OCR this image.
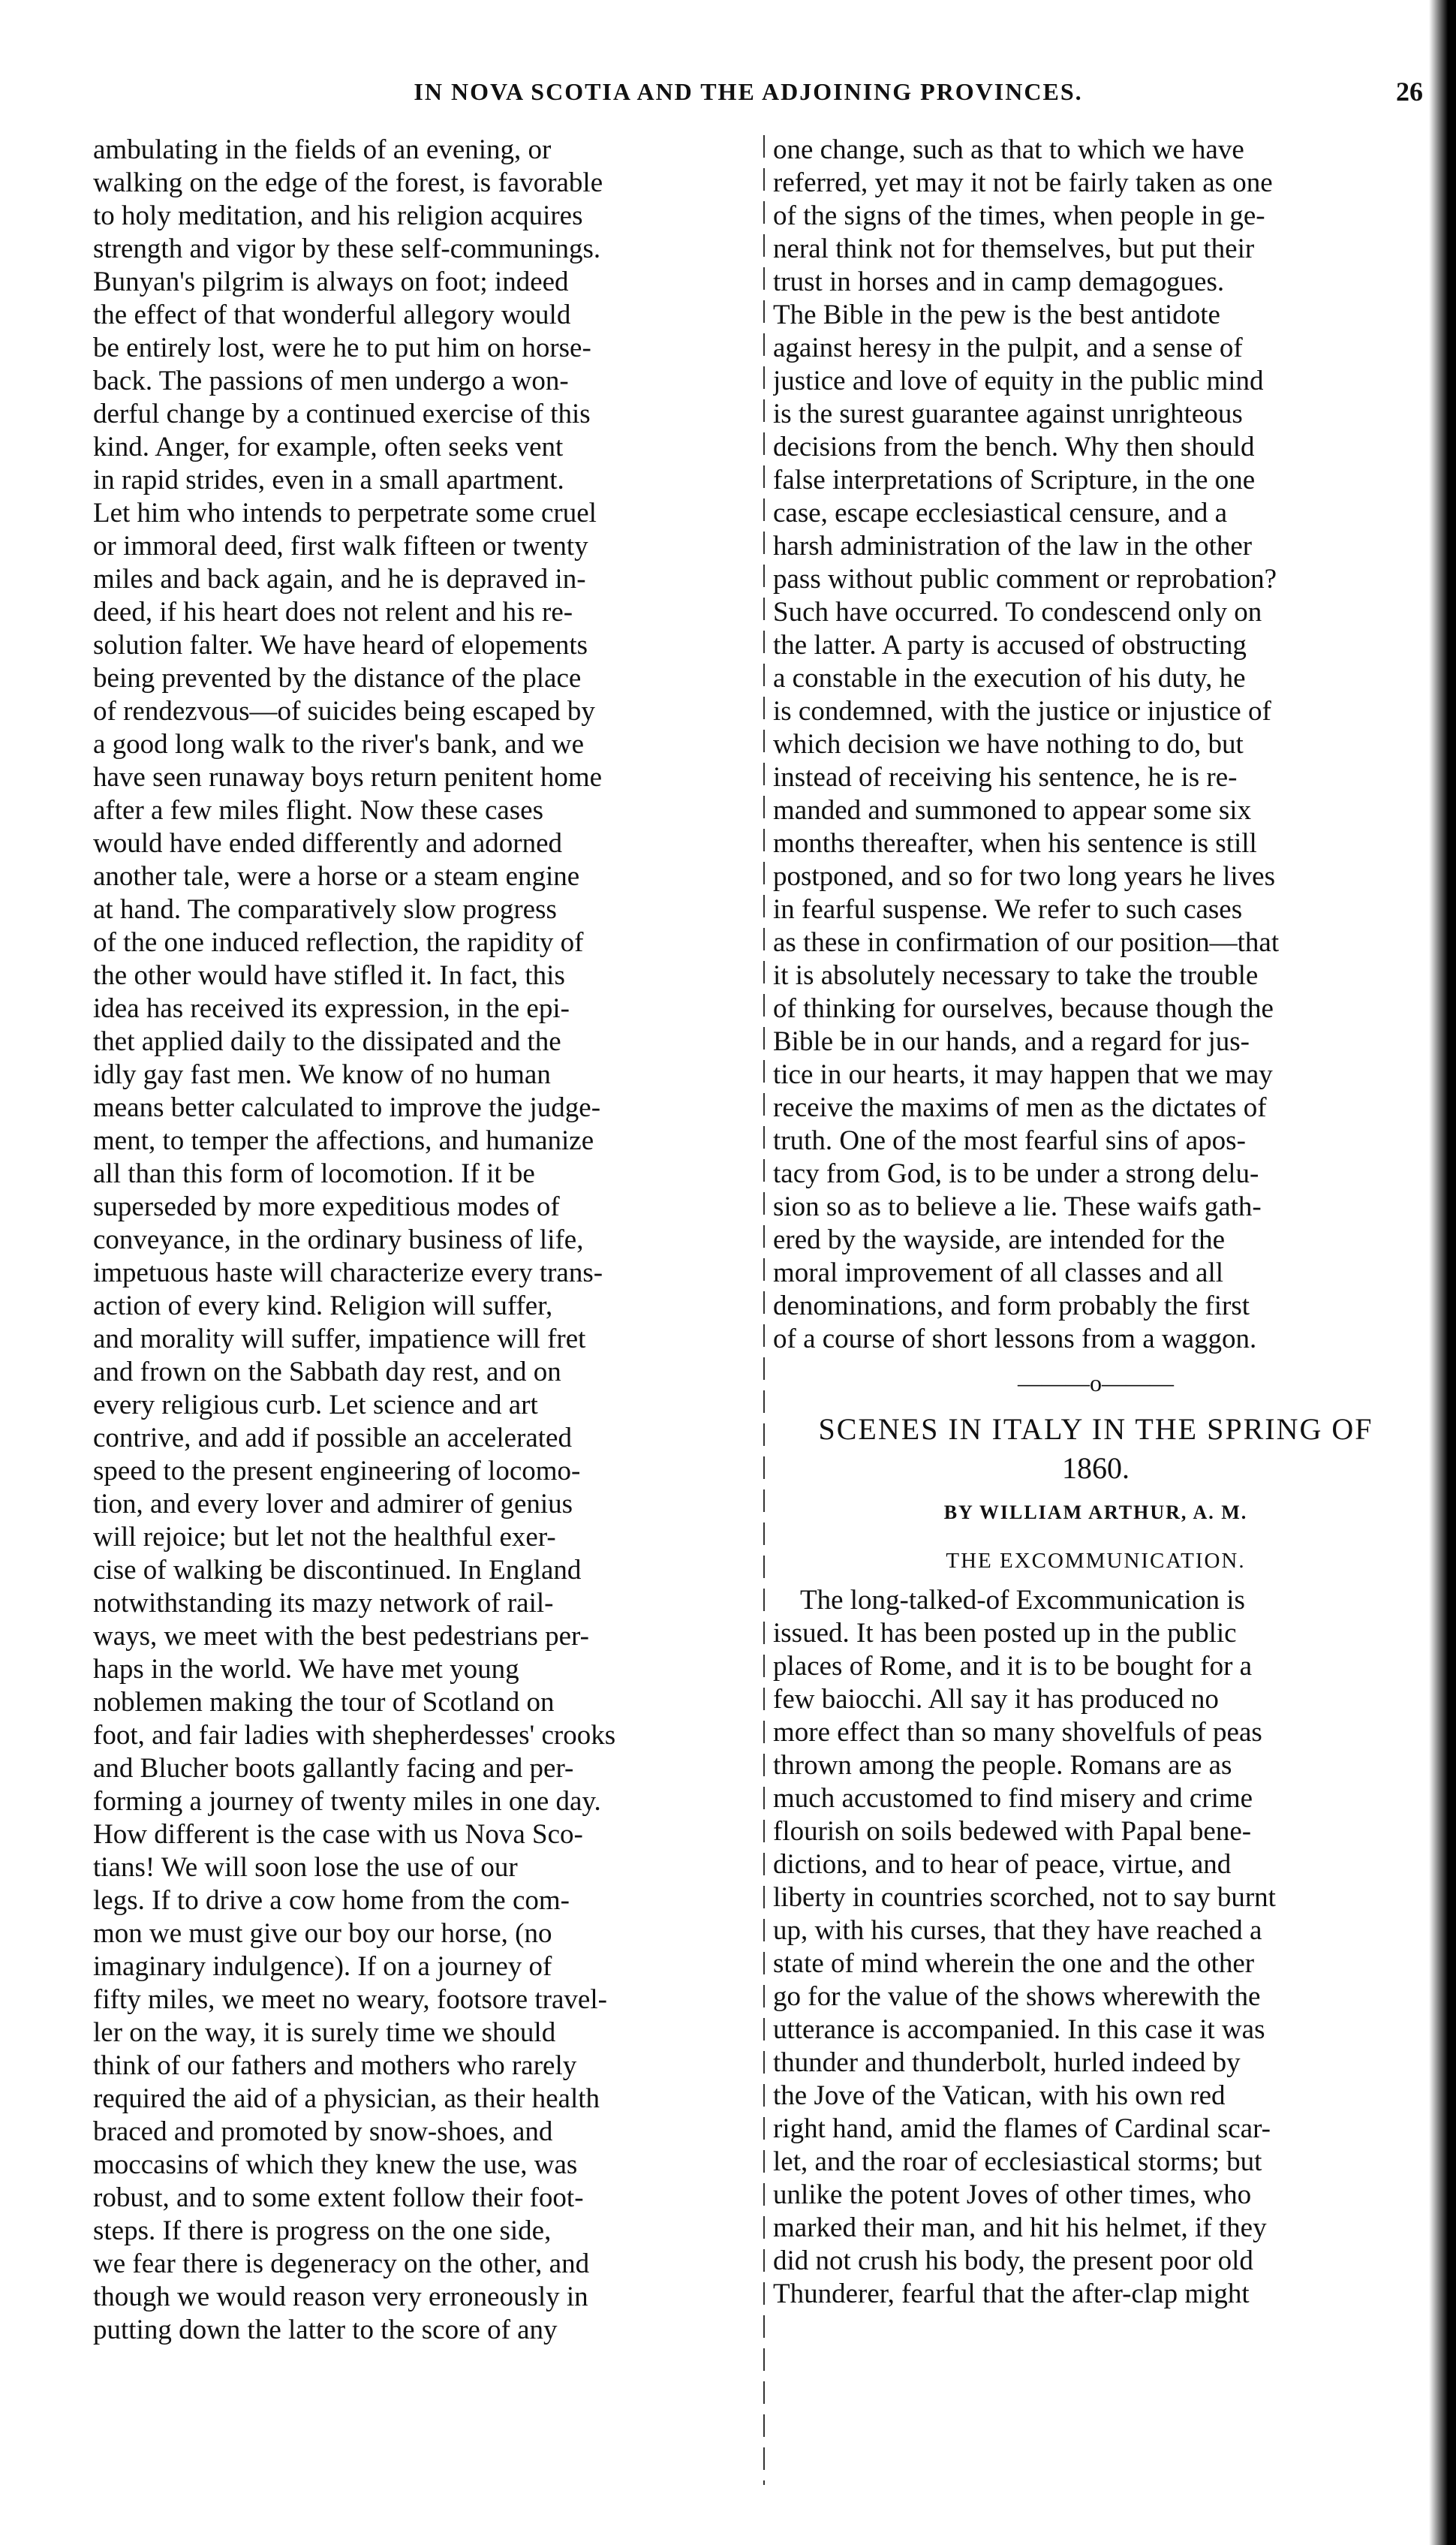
IN NOVA SCOTIA AND THE ADJOINING PROVINCES.	26
ambulating in the fields of an evening, or
walking on the edge of the forest, is favorable
to holy meditation, and his religion acquires
strength and vigor by these self-communings.
Bunyan's pilgrim is always on foot; indeed
the effect of that wonderful allegory would
be entirely lost, were he to put him on horse-
back. The passions of men undergo a won-
derful change by a continued exercise of this
kind. Anger, for example, often seeks vent
in rapid strides, even in a small apartment.
Let him who intends to perpetrate some cruel
or immoral deed, first walk fifteen or twenty
miles and back again, and he is depraved in-
deed, if his heart does not relent and his re-
solution falter. We have heard of elopements
being prevented by the distance of the place
of rendezvous—of suicides being escaped by
a good long walk to the river's bank, and we
have seen runaway boys return penitent home
after a few miles flight. Now these cases
would have ended differently and adorned
another tale, were a horse or a steam engine
at hand. The comparatively slow progress
of the one induced reflection, the rapidity of
the other would have stifled it. In fact, this
idea has received its expression, in the epi-
thet applied daily to the dissipated and the
idly gay fast men. We know of no human
means better calculated to improve the judge-
ment, to temper the affections, and humanize
all than this form of locomotion. If it be
superseded by more expeditious modes of
conveyance, in the ordinary business of life,
impetuous haste will characterize every trans-
action of every kind. Religion will suffer,
and morality will suffer, impatience will fret
and frown on the Sabbath day rest, and on
every religious curb. Let science and art
contrive, and add if possible an accelerated
speed to the present engineering of locomo-
tion, and every lover and admirer of genius
will rejoice; but let not the healthful exer-
cise of walking be discontinued. In England
notwithstanding its mazy network of rail-
ways, we meet with the best pedestrians per-
haps in the world. We have met young
noblemen making the tour of Scotland on
foot, and fair ladies with shepherdesses' crooks
and Blucher boots gallantly facing and per-
forming a journey of twenty miles in one day.
How different is the case with us Nova Sco-
tians! We will soon lose the use of our
legs. If to drive a cow home from the com-
mon we must give our boy our horse, (no
imaginary indulgence). If on a journey of
fifty miles, we meet no weary, footsore travel-
ler on the way, it is surely time we should
think of our fathers and mothers who rarely
required the aid of a physician, as their health
braced and promoted by snow-shoes, and
moccasins of which they knew the use, was
robust, and to some extent follow their foot-
steps. If there is progress on the one side,
we fear there is degeneracy on the other, and
though we would reason very erroneously in
putting down the latter to the score of any
one change, such as that to which we have
referred, yet may it not be fairly taken as one
of the signs of the times, when people in ge-
neral think not for themselves, but put their
trust in horses and in camp demagogues.
The Bible in the pew is the best antidote
against heresy in the pulpit, and a sense of
justice and love of equity in the public mind
is the surest guarantee against unrighteous
decisions from the bench. Why then should
false interpretations of Scripture, in the one
case, escape ecclesiastical censure, and a
harsh administration of the law in the other
pass without public comment or reprobation?
Such have occurred. To condescend only on
the latter. A party is accused of obstructing
a constable in the execution of his duty, he
is condemned, with the justice or injustice of
which decision we have nothing to do, but
instead of receiving his sentence, he is re-
manded and summoned to appear some six
months thereafter, when his sentence is still
postponed, and so for two long years he lives
in fearful suspense. We refer to such cases
as these in confirmation of our position—that
it is absolutely necessary to take the trouble
of thinking for ourselves, because though the
Bible be in our hands, and a regard for jus-
tice in our hearts, it may happen that we may
receive the maxims of men as the dictates of
truth. One of the most fearful sins of apos-
tacy from God, is to be under a strong delu-
sion so as to believe a lie. These waifs gath-
ered by the wayside, are intended for the
moral improvement of all classes and all
denominations, and form probably the first
of a course of short lessons from a waggon.
———o———
SCENES IN ITALY IN THE SPRING OF
1860.
BY WILLIAM ARTHUR, A. M.
THE EXCOMMUNICATION.
The long-talked-of Excommunication is
issued. It has been posted up in the public
places of Rome, and it is to be bought for a
few baiocchi. All say it has produced no
more effect than so many shovelfuls of peas
thrown among the people. Romans are as
much accustomed to find misery and crime
flourish on soils bedewed with Papal bene-
dictions, and to hear of peace, virtue, and
liberty in countries scorched, not to say burnt
up, with his curses, that they have reached a
state of mind wherein the one and the other
go for the value of the shows wherewith the
utterance is accompanied. In this case it was
thunder and thunderbolt, hurled indeed by
the Jove of the Vatican, with his own red
right hand, amid the flames of Cardinal scar-
let, and the roar of ecclesiastical storms; but
unlike the potent Joves of other times, who
marked their man, and hit his helmet, if they
did not crush his body, the present poor old
Thunderer, fearful that the after-clap might
